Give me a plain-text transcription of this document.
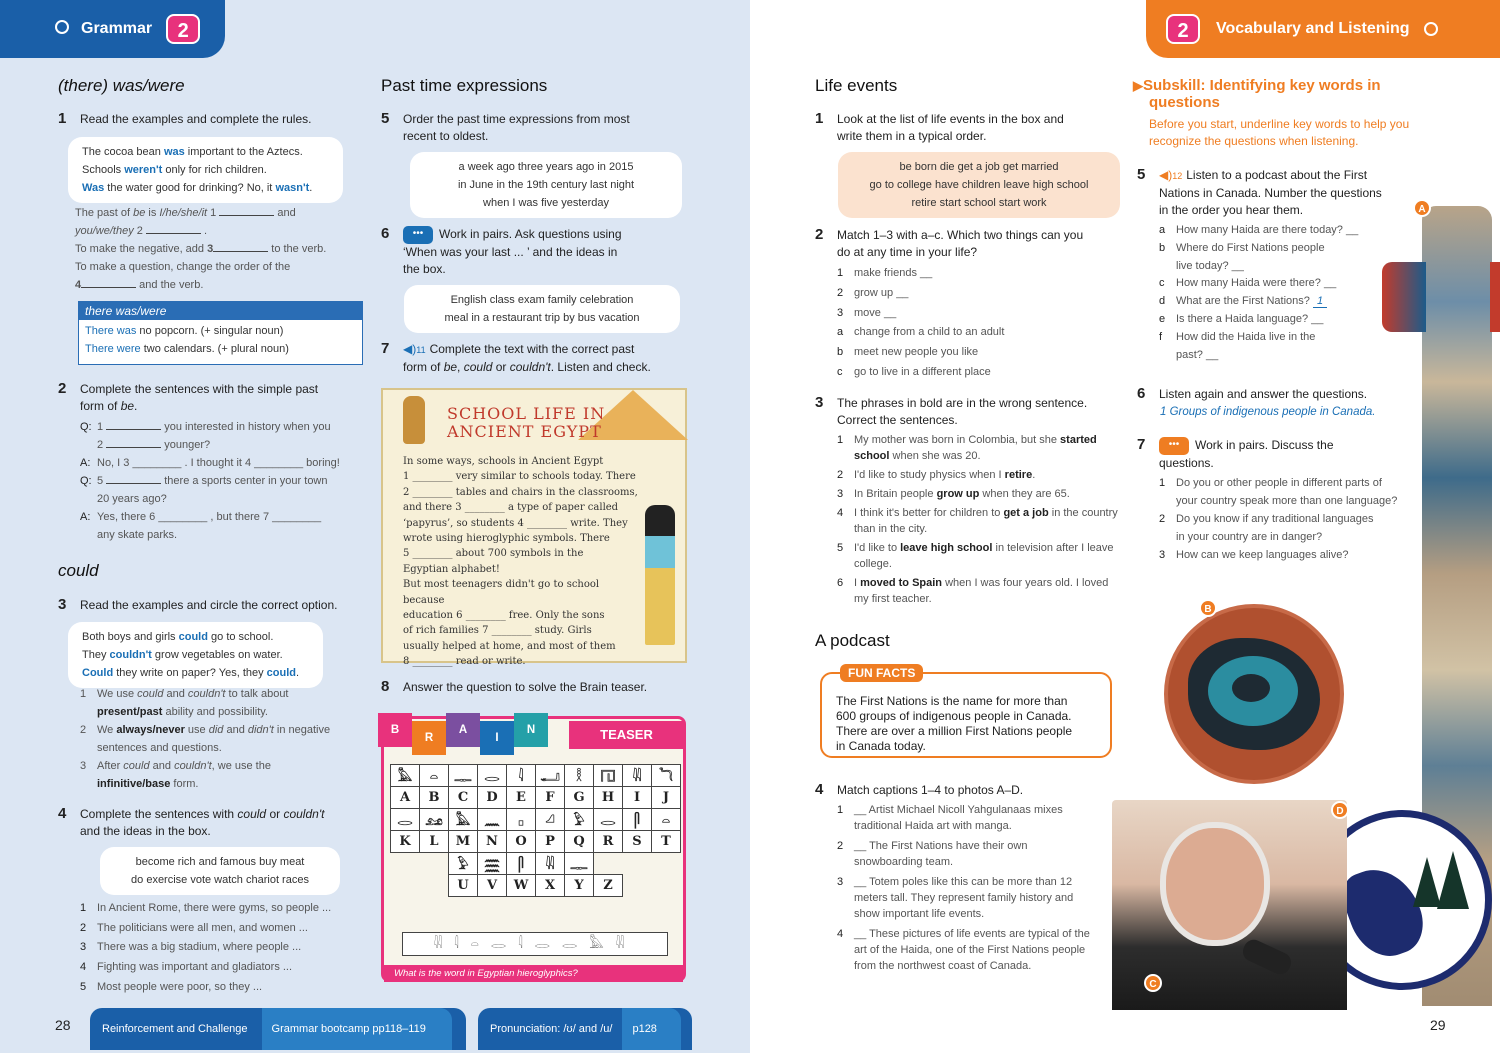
Grammar	2
(there) was/were
1 Read the examples and complete the rules.
The cocoa bean was important to the Aztecs.
Schools weren't only for rich children.
Was the water good for drinking? No, it wasn't.
The past of be is I/he/she/it 1	and
you/we/they 2	.
To make the negative, add 3	to the verb.
To make a question, change the order of the
4	and the verb.
there was/were
There was no popcorn. (+ singular noun)
There were two calendars. (+ plural noun)
2 Complete the sentences with the simple past
form of be.
Q: 1	you interested in history when you
2	younger?
A: No, I 3 ________ . I thought it 4 ________ boring!
Q: 5	there a sports center in your town
20 years ago?
A: Yes, there 6 ________ , but there 7 ________
any skate parks.
could
3 Read the examples and circle the correct option.
Both boys and girls could go to school.
They couldn't grow vegetables on water.
Could they write on paper? Yes, they could.
1 We use could and couldn't to talk about
present/past ability and possibility.
2 We always/never use did and didn't in negative
sentences and questions.
3 After could and couldn't, we use the
infinitive/base form.
4 Complete the sentences with could or couldn't
and the ideas in the box.
become rich and famous buy meat
do exercise vote watch chariot races
1 In Ancient Rome, there were gyms, so people ...
2 The politicians were all men, and women ...
3 There was a big stadium, where people ...
4 Fighting was important and gladiators ...
5 Most people were poor, so they ...
Past time expressions
5 Order the past time expressions from most
recent to oldest.
a week ago three years ago in 2015
in June in the 19th century last night
when I was five yesterday
6 ••• Work in pairs. Ask questions using
‘When was your last ... ’ and the ideas in
the box.
English class exam family celebration
meal in a restaurant trip by bus vacation
7 ◀)11 Complete the text with the correct past
form of be, could or couldn't. Listen and check.
SCHOOL LIFE IN
ANCIENT EGYPT
In some ways, schools in Ancient Egypt
1 ________ very similar to schools today. There
2 ________ tables and chairs in the classrooms,
and there 3 ________ a type of paper called
‘papyrus’, so students 4 ________ write. They
wrote using hieroglyphic symbols. There
5 ________ about 700 symbols in the
Egyptian alphabet!
But most teenagers didn't go to school because
education 6 ________ free. Only the sons
of rich families 7 ________ study. Girls
usually helped at home, and most of them
8 ________ read or write.
8 Answer the question to solve the Brain teaser.
TEASER
B
R
A
I
N
𓅓	𓏏	𓊃	𓂋	𓇋	𓂝	𓎛	𓉔	𓇌	𓆓
A	B	C	D	E	F	G	H	I	J
𓂋	𓃭	𓅓	𓈖	𓊪	𓏘	𓅱	𓂋	𓋴	𓏏
K	L	M	N	O	P	Q	R	S	T
		𓅱	𓈗	𓋴	𓇌	𓊃			
		U	V	W	X	Y	Z		
𓇌𓇋𓏏𓂋𓇋𓂋𓂋𓅓𓇌
What is the word in Egyptian hieroglyphics?
28	Reinforcement and Challenge	Grammar bootcamp pp118–119	Pronunciation: /ʊ/ and /u/	p128
2	Vocabulary and Listening
Life events
1 Look at the list of life events in the box and
write them in a typical order.
be born die get a job get married
go to college have children leave high school
retire start school start work
2 Match 1–3 with a–c. Which two things can you
do at any time in your life?
1 make friends __
2 grow up __
3 move __
a change from a child to an adult
b meet new people you like
c go to live in a different place
3 The phrases in bold are in the wrong sentence.
Correct the sentences.
1 My mother was born in Colombia, but she started school when she was 20.
2 I'd like to study physics when I retire.
3 In Britain people grow up when they are 65.
4 I think it's better for children to get a job in the country than in the city.
5 I'd like to leave high school in television after I leave college.
6 I moved to Spain when I was four years old. I loved my first teacher.
A podcast
FUN FACTS
The First Nations is the name for more than
600 groups of indigenous people in Canada.
There are over a million First Nations people
in Canada today.
4 Match captions 1–4 to photos A–D.
1 __ Artist Michael Nicoll Yahgulanaas mixes
traditional Haida art with manga.
2 __ The First Nations have their own
snowboarding team.
3 __ Totem poles like this can be more than 12
meters tall. They represent family history and
show important life events.
4 __ These pictures of life events are typical of the
art of the Haida, one of the First Nations people
from the northwest coast of Canada.
▶Subskill: Identifying key words in
questions
Before you start, underline key words to help you
recognize the questions when listening.
5 ◀)12 Listen to a podcast about the First
Nations in Canada. Number the questions
in the order you hear them.
a How many Haida are there today? __
b Where do First Nations people
live today? __
c How many Haida were there? __
d What are the First Nations? 1
e Is there a Haida language? __
f How did the Haida live in the
past? __
6 Listen again and answer the questions.
1 Groups of indigenous people in Canada.
7 ••• Work in pairs. Discuss the
questions.
1 Do you or other people in different parts of
your country speak more than one language?
2 Do you know if any traditional languages
in your country are in danger?
3 How can we keep languages alive?
A
B
C
D
29
